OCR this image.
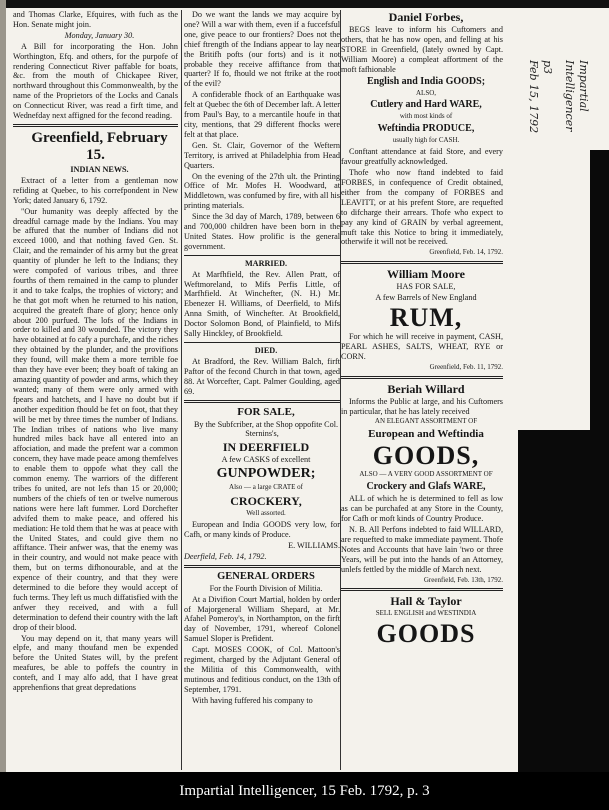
and Thomas Clarke, Efquires, with fuch as the Hon. Senate might join.

Monday, January 30.

A Bill for incorporating the Hon. John Worthington, Efq. and others, for the purpofe of rendering Connecticut River paffable for boats, &c. from the mouth of Chickapee River, northward throughout this Commonwealth, by the name of the Proprietors of the Locks and Canals on Connecticut River, was read a firft time, and Wednefday next affigned for the fecond reading.

Greenfield, February 15.

INDIAN NEWS.

Extract of a letter from a gentleman now refiding at Quebec, to his correfpondent in New York; dated January 6, 1792.

"Our humanity was deeply affected by the dreadful carnage made by the Indians. You may be affured that the number of Indians did not exceed 1000, and that nothing faved Gen. St. Clair, and the remainder of his army but the great quantity of plunder he left to the Indians; they were compofed of various tribes, and three fourths of them remained in the camp to plunder it and to take fcalps, the trophies of victory; and he that got moft when he returned to his nation, acquired the greateft fhare of glory; hence only about 200 purfued. The lofs of the Indians in order to killed and 30 wounded. The victory they have obtained at fo cafy a purchafe, and the riches they obtained by the plunder, and the provifions they found, will make them a more terrible foe than they have ever been; they boaft of taking an amazing quantity of powder and arms, which they wanted; many of them were only armed with fpears and hatchets, and I have no doubt but if another expedition fhould be fet on foot, that they will be met by three times the number of Indians. The Indian tribes of nations who live many hundred miles back have all entered into an affociation, and made the prefent war a common concern, they have made peace among themfelves to enable them to oppofe what they call the common enemy. The warriors of the different tribes fo united, are not lefs than 15 or 20,000; numbers of the chiefs of ten or twelve numerous nations were here laft fummer. Lord Dorchefter advifed them to make peace, and offered his mediation: He told them that he was at peace with the United States, and could give them no affiftance. Their anfwer was, that the enemy was in their country, and would not make peace with them, but on terms difhonourable, and at the expence of their country, and that they were determined to die before they would accept of fuch terms. They left us much diffatisfied with the anfwer they received, and with a full determination to defend their country with the laft drop of their blood.

You may depend on it, that many years will elpfe, and many thoufand men be expended before the United States will, by the prefent meafures, be able to poffefs the country in conteft, and I may alfo add, that I have great apprehenfions that great depredations

Do we want the lands we may acquire by one? Will a war with them, even if a fuccefsful one, give peace to our frontiers? Does not the chief ftrength of the Indians appear to lay near the Britifh pofts (our forts) and is it not probable they receive affiftance from that quarter? If fo, fhould we not ftrike at the root of the evil?

A confiderable fhock of an Earthquake was felt at Quebec the 6th of December laft. A letter from Paul's Bay, to a mercantile houfe in that city, mentions, that 29 different fhocks were felt at that place.

Gen. St. Clair, Governor of the Weftern Territory, is arrived at Philadelphia from Head Quarters.

On the evening of the 27th ult. the Printing Office of Mr. Mofes H. Woodward, at Middletown, was confumed by fire, with all his printing materials.

Since the 3d day of March, 1789, between 6 and 700,000 children have been born in the United States. How prolific is the general government.

MARRIED.

At Marfhfield, the Rev. Allen Pratt, of Weftmoreland, to Mifs Perfis Little, of Marfhfield. At Winchefter, (N. H.) Mr. Ebenezer H. Williams, of Deerfield, to Mifs Anna Smith, of Winchefter. At Brookfield, Doctor Solomon Bond, of Plainfield, to Mifs Sally Hinckley, of Brookfield.

DIED.

At Bradford, the Rev. William Balch, firft Paftor of the fecond Church in that town, aged 88. At Worcefter, Capt. Palmer Goulding, aged 69.

FOR SALE,

By the Subfcriber, at the Shop oppofite Col. Sternins's,

IN DEERFIELD

A few CASKS of excellent

GUNPOWDER;

Also — a large CRATE of

CROCKERY,

Well assorted.

European and India GOODS very low, for Cafh, or many kinds of Produce.

E. WILLIAMS.

Deerfield, Feb. 14, 1792.

GENERAL ORDERS

For the Fourth Division of Militia.

At a Divifion Court Martial, holden by order of Majorgeneral William Shepard, at Mr. Afahel Pomeroy's, in Northampton, on the firft day of November, 1791, whereof Colonel Samuel Sloper is Prefident.

Capt. MOSES COOK, of Col. Mattoon's regiment, charged by the Adjutant General of the Militia of this Commonwealth, with mutinous and feditious conduct, on the 13th of September, 1791.

With having fuffered his company to

Daniel Forbes,

BEGS leave to inform his Cuftomers and others, that he has now open, and felling at his STORE in Greenfield, (lately owned by Capt. William Moore) a compleat affortment of the moft fafhionable

English and India GOODS;

ALSO,

Cutlery and Hard WARE,

with most kinds of

Weftindia PRODUCE,

usually high for CASH.

Conftant attendance at faid Store, and every favour greatfully acknowledged.

Thofe who now ftand indebted to faid FORBES, in confequence of Credit obtained, either from the company of FORBES and LEAVITT, or at his prefent Store, are requefted to difcharge their arrears. Thofe who expect to pay any kind of GRAIN by verbal agreement, muft take this Notice to bring it immediately, otherwife it will not be received.

Greenfield, Feb. 14, 1792.

William Moore

HAS FOR SALE,

A few Barrels of New England

RUM,

For which he will receive in payment, CASH, PEARL ASHES, SALTS, WHEAT, RYE or CORN.

Greenfield, Feb. 11, 1792.

Beriah Willard

Informs the Public at large, and his Cuftomers in particular, that he has lately received

AN ELEGANT ASSORTMENT OF

European and Weftindia

GOODS,

ALSO — A VERY GOOD ASSORTMENT OF

Crockery and Glafs WARE,

ALL of which he is determined to fell as low as can be purchafed at any Store in the County, for Cafh or moft kinds of Country Produce.

N. B. All Perfons indebted to faid WILLARD, are requefted to make immediate payment. Thofe Notes and Accounts that have lain 'two or three Years, will be put into the hands of an Attorney, unlefs fettled by the middle of March next.

Greenfield, Feb. 13th, 1792.

Hall & Taylor

SELL ENGLISH and WESTINDIA

GOODS

Impartial
Intelligencer
p3
Feb 15, 1792
Impartial Intelligencer, 15 Feb. 1792, p. 3
